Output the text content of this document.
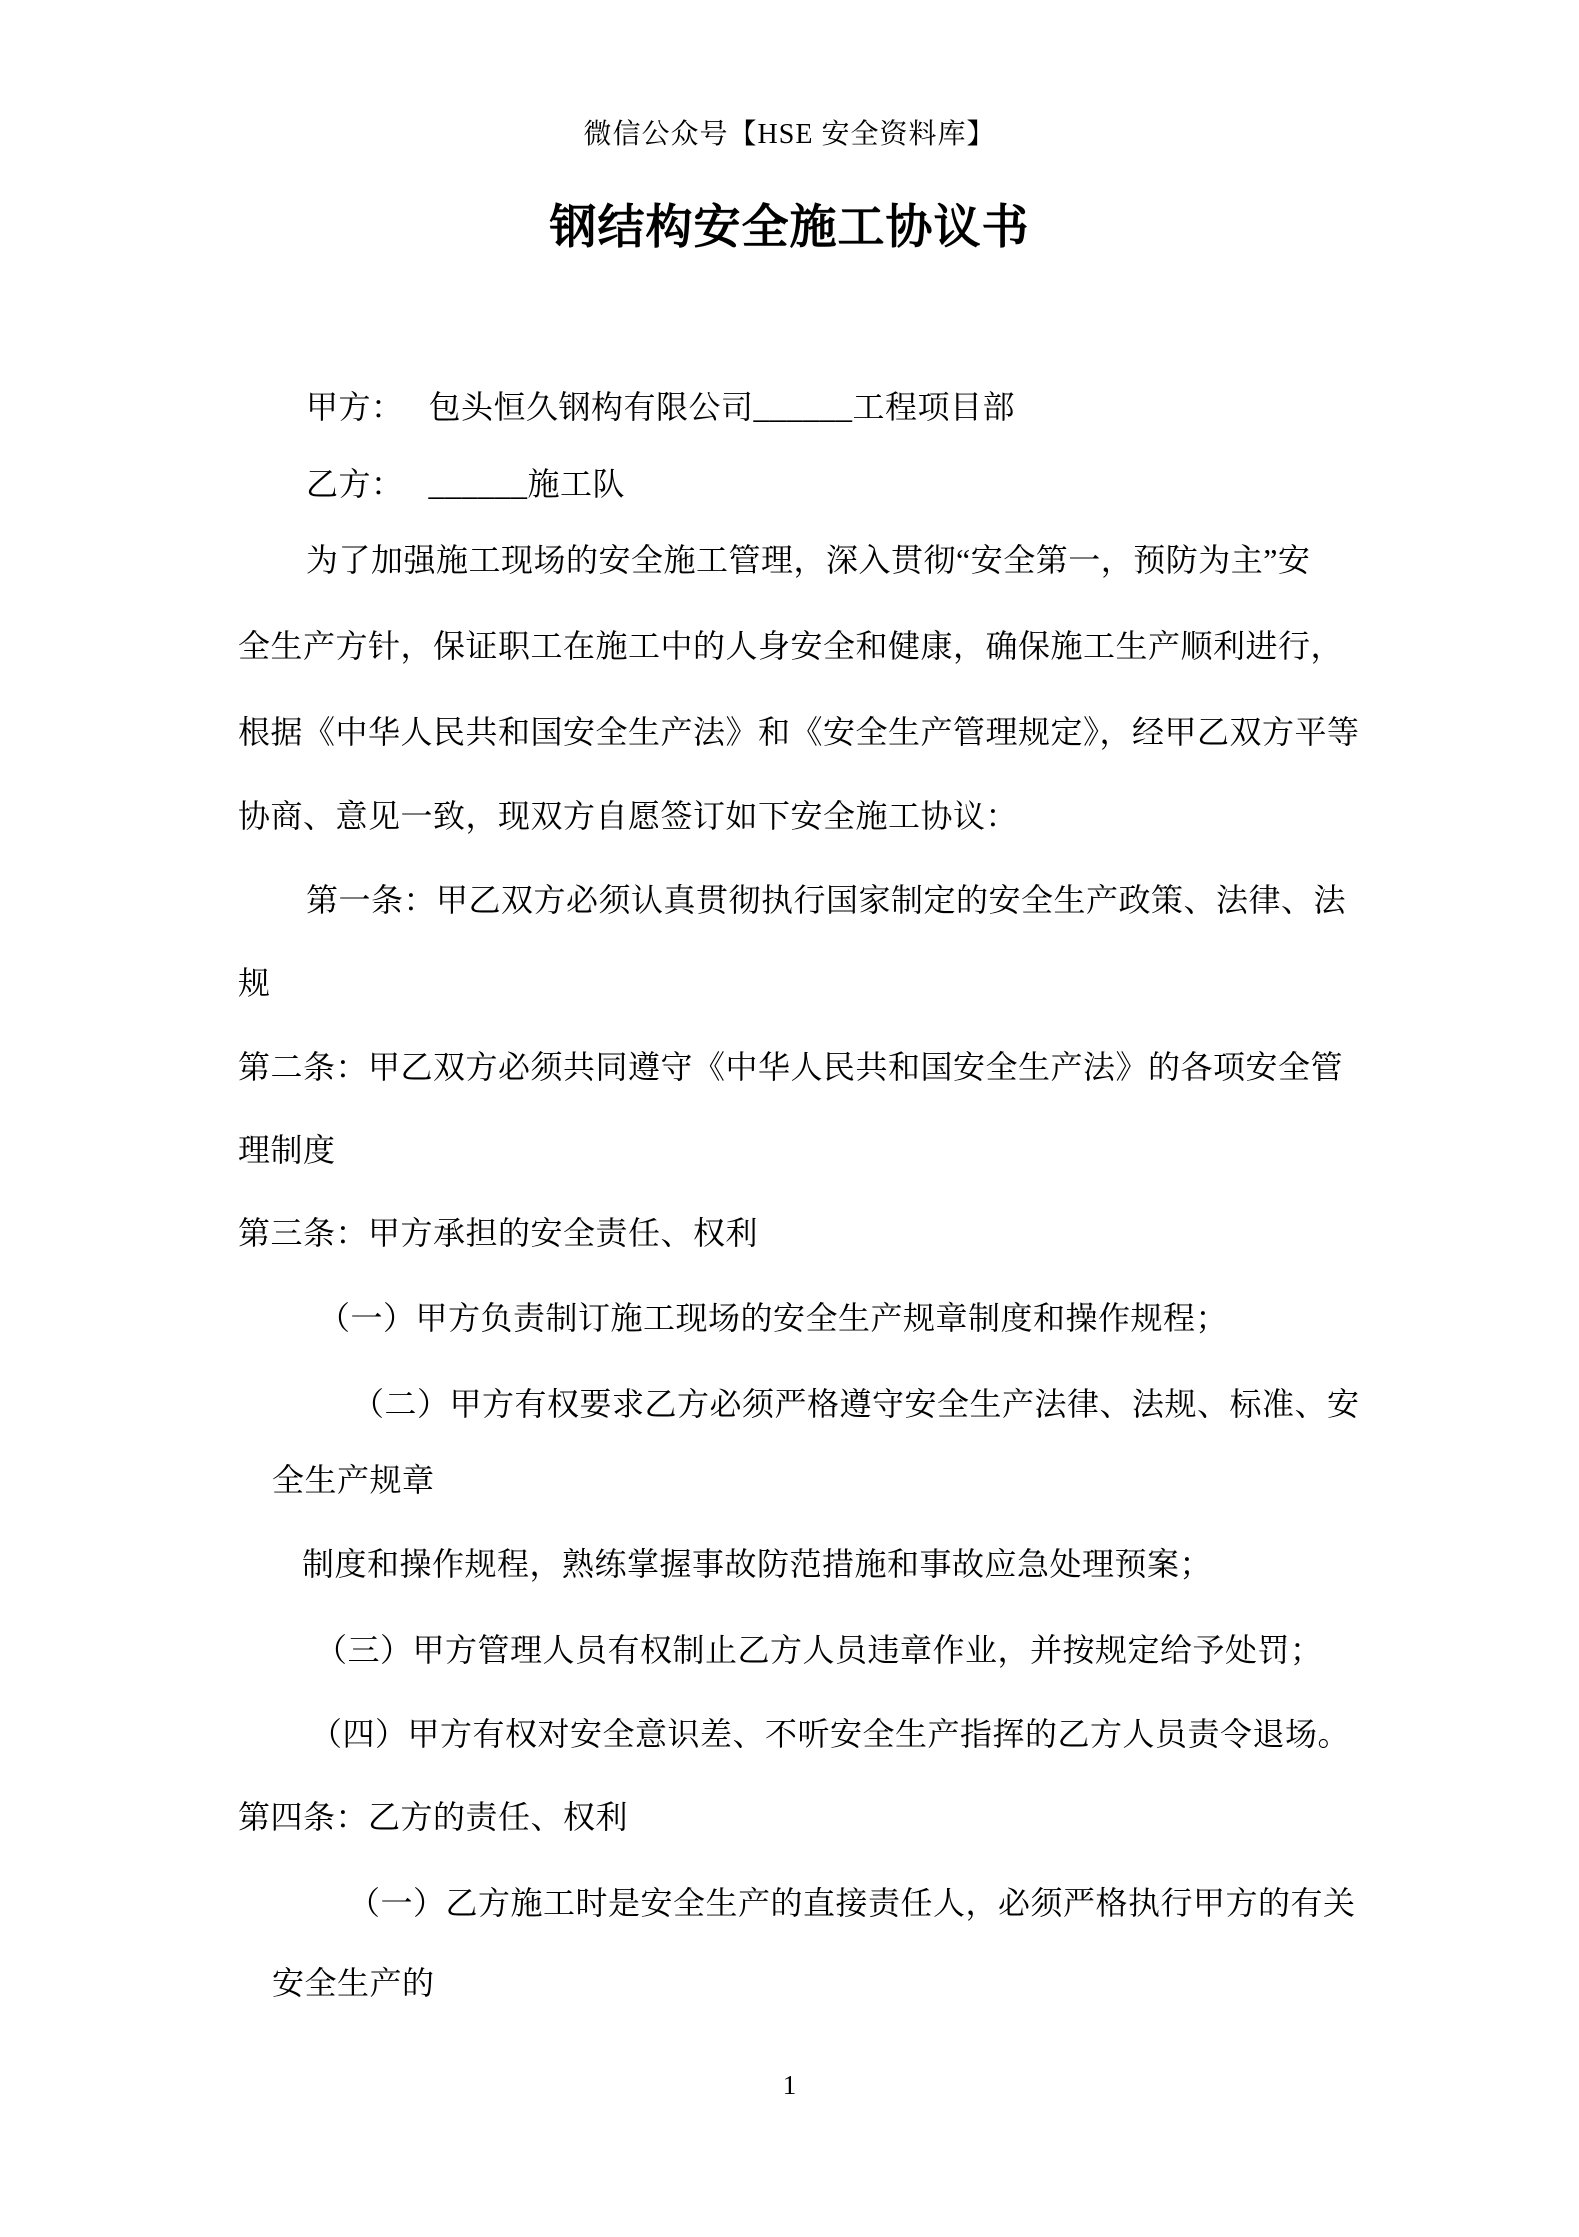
微信公众号【HSE 安全资料库】
钢结构安全施工协议书
甲方：　 包头恒久钢构有限公司______工程项目部
乙方：　 ______施工队
为了加强施工现场的安全施工管理，深入贯彻“安全第一，预防为主”安
全生产方针，保证职工在施工中的人身安全和健康，确保施工生产顺利进行，
根据《中华人民共和国安全生产法》和《安全生产管理规定》，经甲乙双方平等
协商、意见一致，现双方自愿签订如下安全施工协议：
第一条：甲乙双方必须认真贯彻执行国家制定的安全生产政策、法律、法
规
第二条：甲乙双方必须共同遵守《中华人民共和国安全生产法》的各项安全管
理制度
第三条：甲方承担的安全责任、权利
（一）甲方负责制订施工现场的安全生产规章制度和操作规程；
（二）甲方有权要求乙方必须严格遵守安全生产法律、法规、标准、安
全生产规章
制度和操作规程，熟练掌握事故防范措施和事故应急处理预案；
（三）甲方管理人员有权制止乙方人员违章作业，并按规定给予处罚；
（四）甲方有权对安全意识差、不听安全生产指挥的乙方人员责令退场。
第四条：乙方的责任、权利
（一）乙方施工时是安全生产的直接责任人，必须严格执行甲方的有关
安全生产的
1
